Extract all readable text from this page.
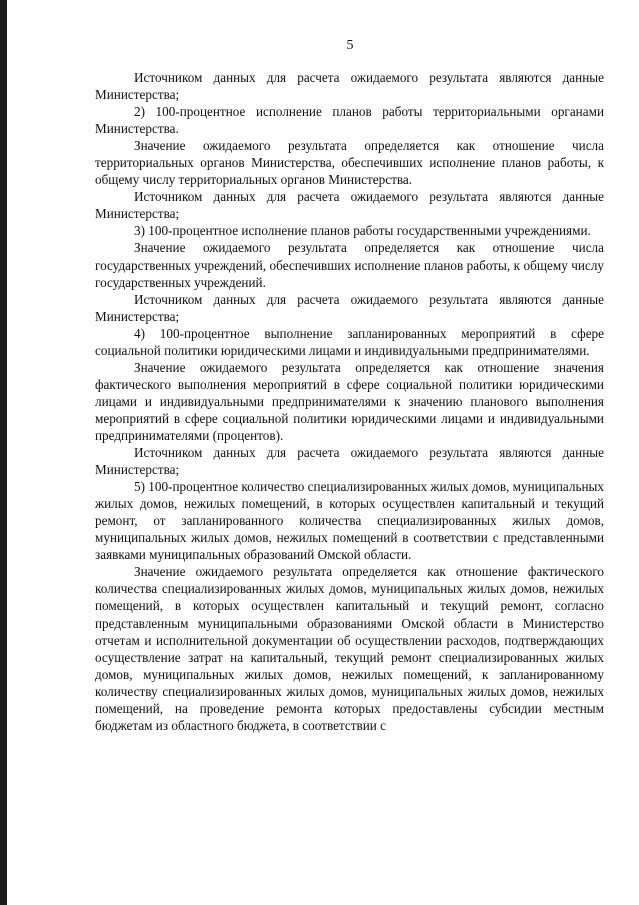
5

Источником данных для расчета ожидаемого результата являются данные Министерства;

2) 100-процентное исполнение планов работы территориальными органами Министерства.

Значение ожидаемого результата определяется как отношение числа территориальных органов Министерства, обеспечивших исполнение планов работы, к общему числу территориальных органов Министерства.

Источником данных для расчета ожидаемого результата являются данные Министерства;

3) 100-процентное исполнение планов работы государственными учреждениями.

Значение ожидаемого результата определяется как отношение числа государственных учреждений, обеспечивших исполнение планов работы, к общему числу государственных учреждений.

Источником данных для расчета ожидаемого результата являются данные Министерства;

4) 100-процентное выполнение запланированных мероприятий в сфере социальной политики юридическими лицами и индивидуальными предпринимателями.

Значение ожидаемого результата определяется как отношение значения фактического выполнения мероприятий в сфере социальной политики юридическими лицами и индивидуальными предпринимателями к значению планового выполнения мероприятий в сфере социальной политики юридическими лицами и индивидуальными предпринимателями (процентов).

Источником данных для расчета ожидаемого результата являются данные Министерства;

5) 100-процентное количество специализированных жилых домов, муниципальных жилых домов, нежилых помещений, в которых осуществлен капитальный и текущий ремонт, от запланированного количества специализированных жилых домов, муниципальных жилых домов, нежилых помещений в соответствии с представленными заявками муниципальных образований Омской области.

Значение ожидаемого результата определяется как отношение фактического количества специализированных жилых домов, муниципальных жилых домов, нежилых помещений, в которых осуществлен капитальный и текущий ремонт, согласно представленным муниципальными образованиями Омской области в Министерство отчетам и исполнительной документации об осуществлении расходов, подтверждающих осуществление затрат на капитальный, текущий ремонт специализированных жилых домов, муниципальных жилых домов, нежилых помещений, к запланированному количеству специализированных жилых домов, муниципальных жилых домов, нежилых помещений, на проведение ремонта которых предоставлены субсидии местным бюджетам из областного бюджета, в соответствии с
